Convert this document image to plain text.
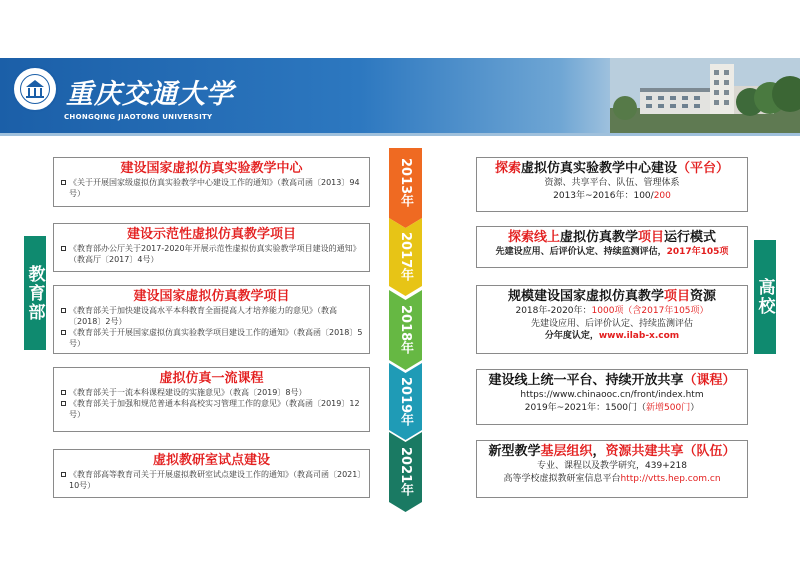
重庆交通大学
CHONGQING JIAOTONG UNIVERSITY
教育部	高校
2013年
2017年
2018年
2019年
2021年
建设国家虚拟仿真实验教学中心
《关于开展国家级虚拟仿真实验教学中心建设工作的通知》（教高司函〔2013〕94号）
建设示范性虚拟仿真教学项目
《教育部办公厅关于2017-2020年开展示范性虚拟仿真实验教学项目建设的通知》（教高厅〔2017〕4号）
建设国家虚拟仿真教学项目
《教育部关于加快建设高水平本科教育全面提高人才培养能力的意见》（教高〔2018〕2号）
《教育部关于开展国家虚拟仿真实验教学项目建设工作的通知》（教高函〔2018〕5号）
虚拟仿真一流课程
《教育部关于一流本科课程建设的实施意见》（教高〔2019〕8号）
《教育部关于加强和规范普通本科高校实习管理工作的意见》（教高函〔2019〕12号）
虚拟教研室试点建设
《教育部高等教育司关于开展虚拟教研室试点建设工作的通知》（教高司函〔2021〕10号）
探索虚拟仿真实验教学中心建设（平台）
资源、共享平台、队伍、管理体系
2013年~2016年：100/200
探索线上虚拟仿真教学项目运行模式
先建设应用、后评价认定、持续监测评估，2017年105项
规模建设国家虚拟仿真教学项目资源
2018年-2020年：1000项（含2017年105项）
先建设应用、后评价认定、持续监测评估
分年度认定，www.ilab-x.com
建设线上统一平台、持续开放共享（课程）
https://www.chinaooc.cn/front/index.htm
2019年~2021年：1500门（新增500门）
新型教学基层组织，资源共建共享（队伍）
专业、课程以及教学研究，439+218
高等学校虚拟教研室信息平台http://vtts.hep.com.cn
